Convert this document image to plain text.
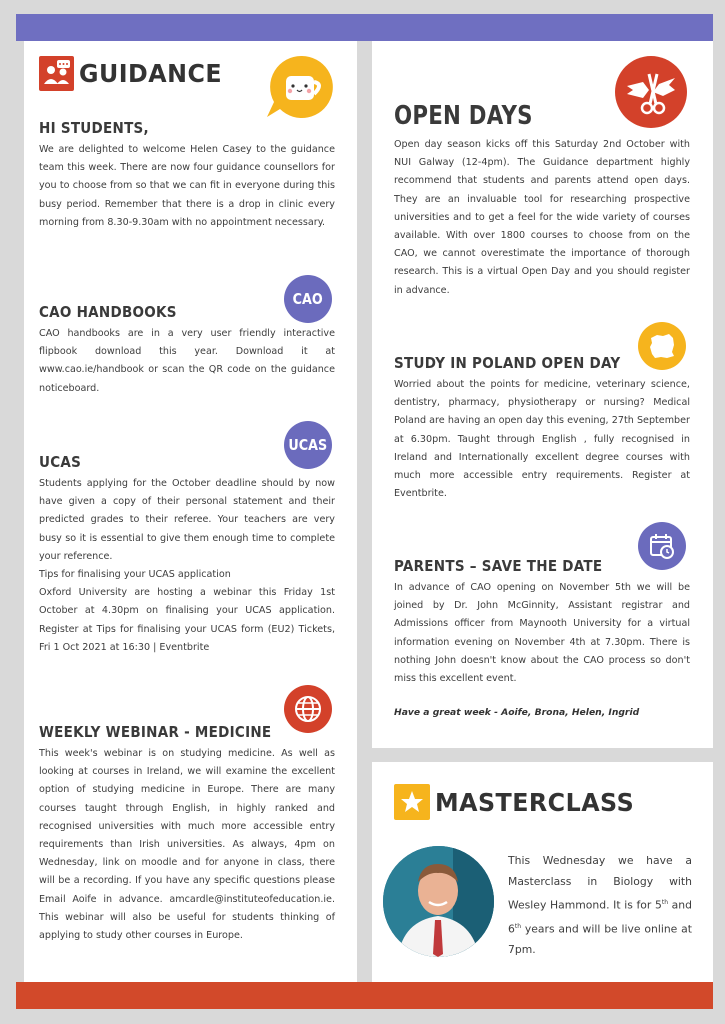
GUIDANCE
HI STUDENTS,
We are delighted to welcome Helen Casey to the guidance team this week. There are now four guidance counsellors for you to choose from so that we can fit in everyone during this busy period. Remember that there is a drop in clinic every morning from 8.30-9.30am with no appointment necessary.
CAO
CAO HANDBOOKS
CAO handbooks are in a very user friendly interactive flipbook download this year. Download it at www.cao.ie/handbook or scan the QR code on the guidance noticeboard.
UCAS
UCAS

Students applying for the October deadline should by now have given a copy of their personal statement and their predicted grades to their referee. Your teachers are very busy so it is essential to give them enough time to complete your reference.

Tips for finalising your UCAS application

Oxford University are hosting a webinar this Friday 1st October at 4.30pm on finalising your UCAS application. Register at Tips for finalising your UCAS form (EU2) Tickets, Fri 1 Oct 2021 at 16:30 | Eventbrite

WEEKLY WEBINAR - MEDICINE
This week's webinar is on studying medicine. As well as looking at courses in Ireland, we will examine the excellent option of studying medicine in Europe. There are many courses taught through English, in highly ranked and recognised universities with much more accessible entry requirements than Irish universities. As always, 4pm on Wednesday, link on moodle and for anyone in class, there will be a recording. If you have any specific questions please Email Aoife in advance. amcardle@instituteofeducation.ie. This webinar will also be useful for students thinking of applying to study other courses in Europe.
OPEN DAYS
Open day season kicks off this Saturday 2nd October with NUI Galway (12-4pm). The Guidance department highly recommend that students and parents attend open days. They are an invaluable tool for researching prospective universities and to get a feel for the wide variety of courses available. With over 1800 courses to choose from on the CAO, we cannot overestimate the importance of thorough research. This is a virtual Open Day and you should register in advance.
STUDY IN POLAND OPEN DAY
Worried about the points for medicine, veterinary science, dentistry, pharmacy, physiotherapy or nursing? Medical Poland are having an open day this evening, 27th September at 6.30pm. Taught through English , fully recognised in Ireland and Internationally excellent degree courses with much more accessible entry requirements. Register at Eventbrite.
PARENTS – SAVE THE DATE
In advance of CAO opening on November 5th we will be joined by Dr. John McGinnity, Assistant registrar and Admissions officer from Maynooth University for a virtual information evening on November 4th at 7.30pm. There is nothing John doesn't know about the CAO process so don't miss this excellent event.
Have a great week - Aoife, Brona, Helen, Ingrid
MASTERCLASS
This Wednesday we have a Masterclass in Biology with Wesley Hammond. It is for 5th and 6th years and will be live online at 7pm.
